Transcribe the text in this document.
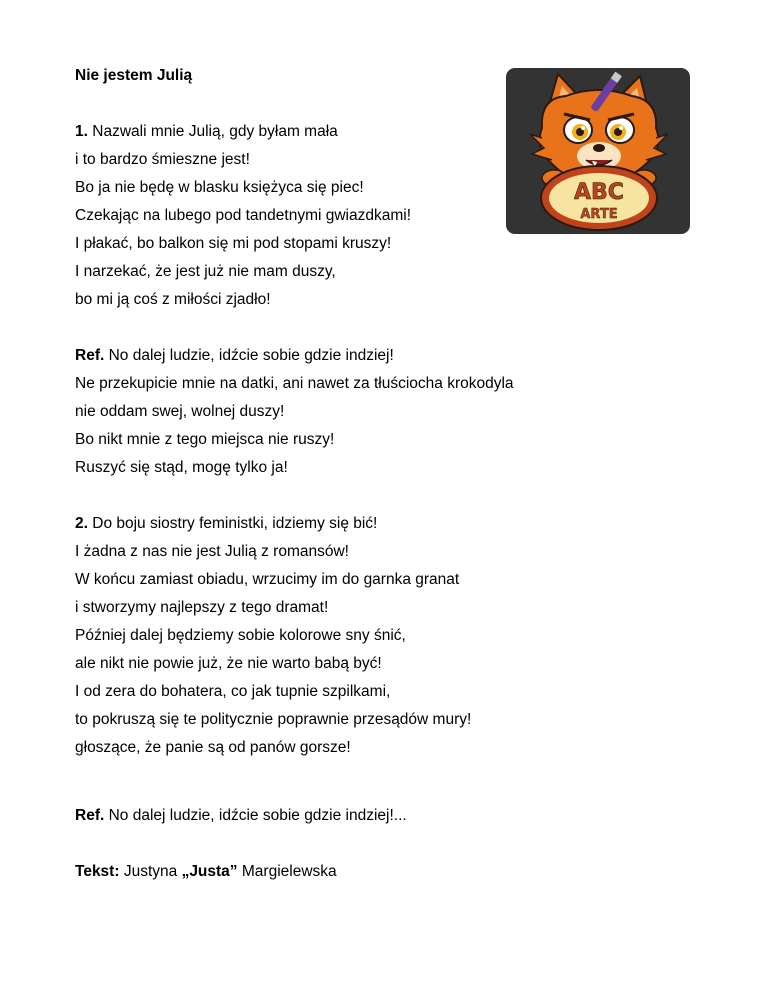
Nie jestem Julią
1. Nazwali mnie Julią, gdy byłam mała
i to bardzo śmieszne jest!
Bo ja nie będę w blasku księżyca się piec!
Czekając na lubego pod tandetnymi gwiazdkami!
I płakać, bo balkon się mi pod stopami kruszy!
I narzekać, że jest już nie mam duszy,
bo mi ją coś z miłości zjadło!
Ref. No dalej ludzie, idźcie sobie gdzie indziej!
Ne przekupicie mnie na datki, ani nawet za tłuściocha krokodyla
nie oddam swej, wolnej duszy!
Bo nikt mnie z tego miejsca nie ruszy!
Ruszyć się stąd, mogę tylko ja!
2. Do boju siostry feministki, idziemy się bić!
I żadna z nas nie jest Julią z romansów!
W końcu zamiast obiadu, wrzucimy im do garnka granat
i stworzymy najlepszy z tego dramat!
Później dalej będziemy sobie kolorowe sny śnić,
ale nikt nie powie już, że nie warto babą być!
I od zera do bohatera, co jak tupnie szpilkami,
to pokruszą się te politycznie poprawnie przesądów mury!
głoszące, że panie są od panów gorsze!
Ref. No dalej ludzie, idźcie sobie gdzie indziej!...
Tekst: Justyna „Justa” Margielewska
ABC
ARTE
